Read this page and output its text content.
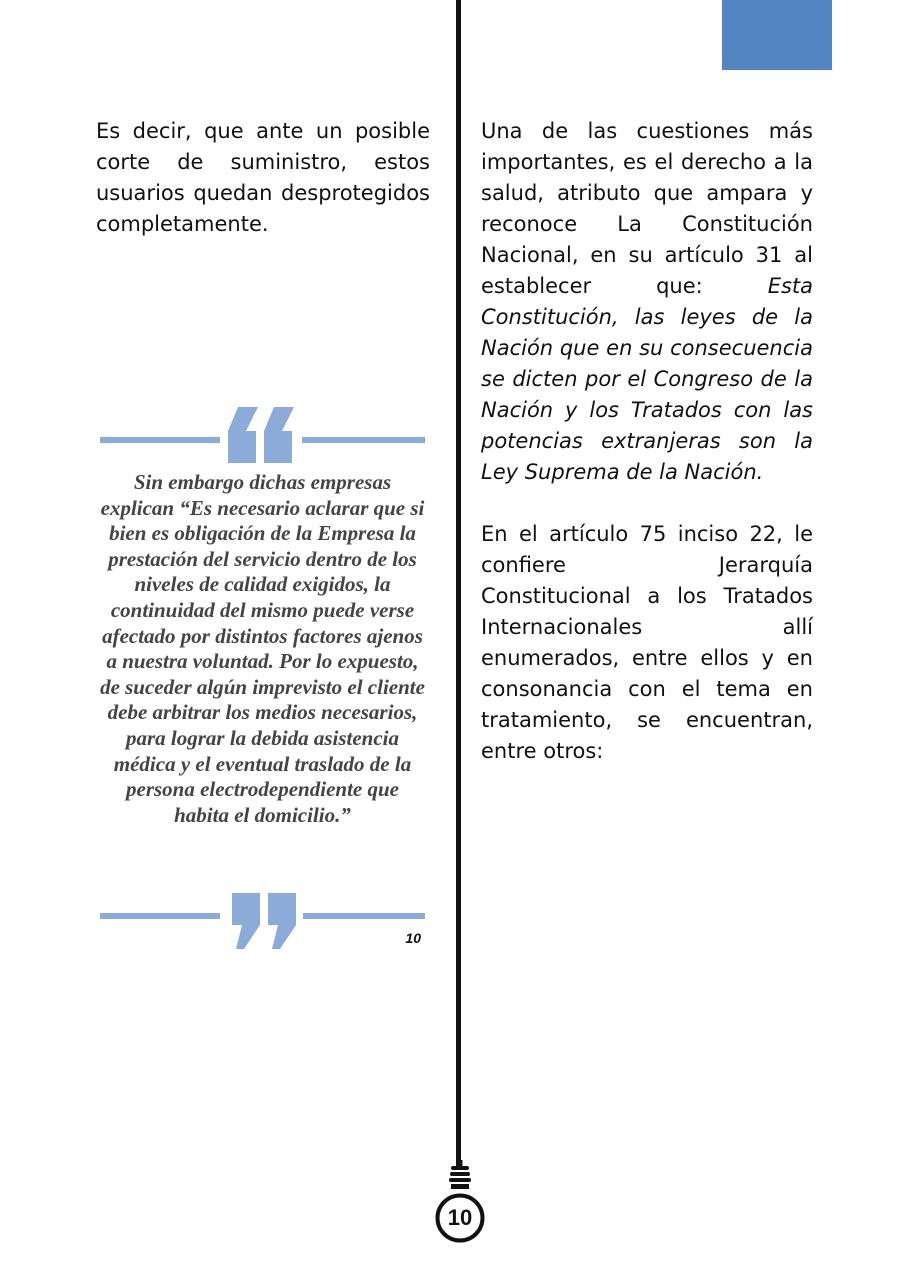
Es decir, que ante un posible corte de suministro, estos usuarios quedan desprotegidos completamente.

Sin embargo dichas empresas explican “Es necesario aclarar que si bien es obligación de la Empresa la prestación del servicio dentro de los niveles de calidad exigidos, la continuidad del mismo puede verse afectado por distintos factores ajenos a nuestra voluntad. Por lo expuesto, de suceder algún imprevisto el cliente debe arbitrar los medios necesarios, para lograr la debida asistencia médica y el eventual traslado de la persona electrodependiente que habita el domicilio.”

10

Una de las cuestiones más importantes, es el derecho a la salud, atributo que ampara y reconoce La Constitución Nacional, en su artículo 31 al establecer que: Esta Constitución, las leyes de la Nación que en su consecuencia se dicten por el Congreso de la Nación y los Tratados con las potencias extranjeras son la Ley Suprema de la Nación.

En el artículo 75 inciso 22, le confiere Jerarquía Constitucional a los Tratados Internacionales allí enumerados, entre ellos y en consonancia con el tema en tratamiento, se encuentran, entre otros:

10
